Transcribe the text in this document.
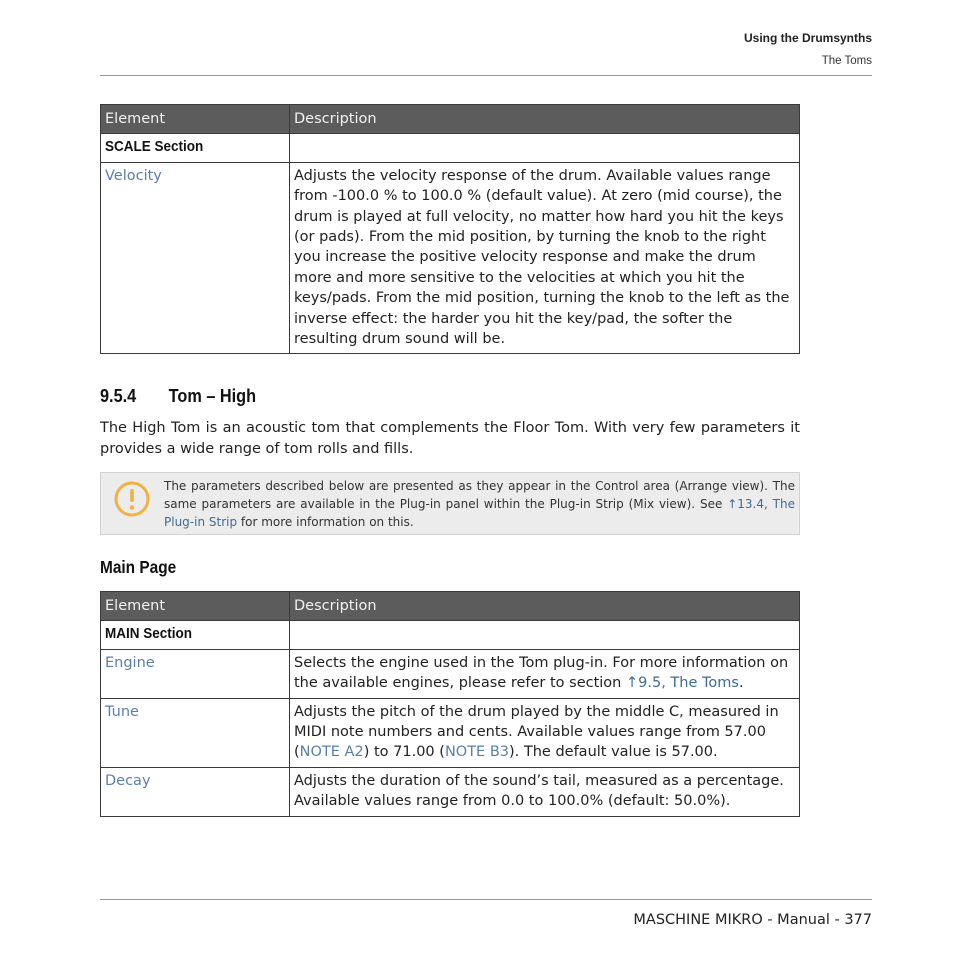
Using the Drumsynths
The Toms
Element	Description
SCALE Section	
Velocity	Adjusts the velocity response of the drum. Available values range from -100.0 % to 100.0 % (default value). At zero (mid course), the drum is played at full velocity, no matter how hard you hit the keys (or pads). From the mid position, by turning the knob to the right you increase the positive velocity response and make the drum more and more sensitive to the velocities at which you hit the keys/pads. From the mid position, turning the knob to the left as the inverse effect: the harder you hit the key/pad, the softer the resulting drum sound will be.
9.5.4 Tom – High
The High Tom is an acoustic tom that complements the Floor Tom. With very few parameters it provides a wide range of tom rolls and fills.
The parameters described below are presented as they appear in the Control area (Arrange view). The same parameters are available in the Plug-in panel within the Plug-in Strip (Mix view). See ↑13.4, The Plug-in Strip for more information on this.
Main Page
Element	Description
MAIN Section	
Engine	Selects the engine used in the Tom plug-in. For more information on the available engines, please refer to section ↑9.5, The Toms.
Tune	Adjusts the pitch of the drum played by the middle C, measured in MIDI note numbers and cents. Available values range from 57.00 (NOTE A2) to 71.00 (NOTE B3). The default value is 57.00.
Decay	Adjusts the duration of the sound’s tail, measured as a percentage. Available values range from 0.0 to 100.0% (default: 50.0%).
MASCHINE MIKRO - Manual - 377
